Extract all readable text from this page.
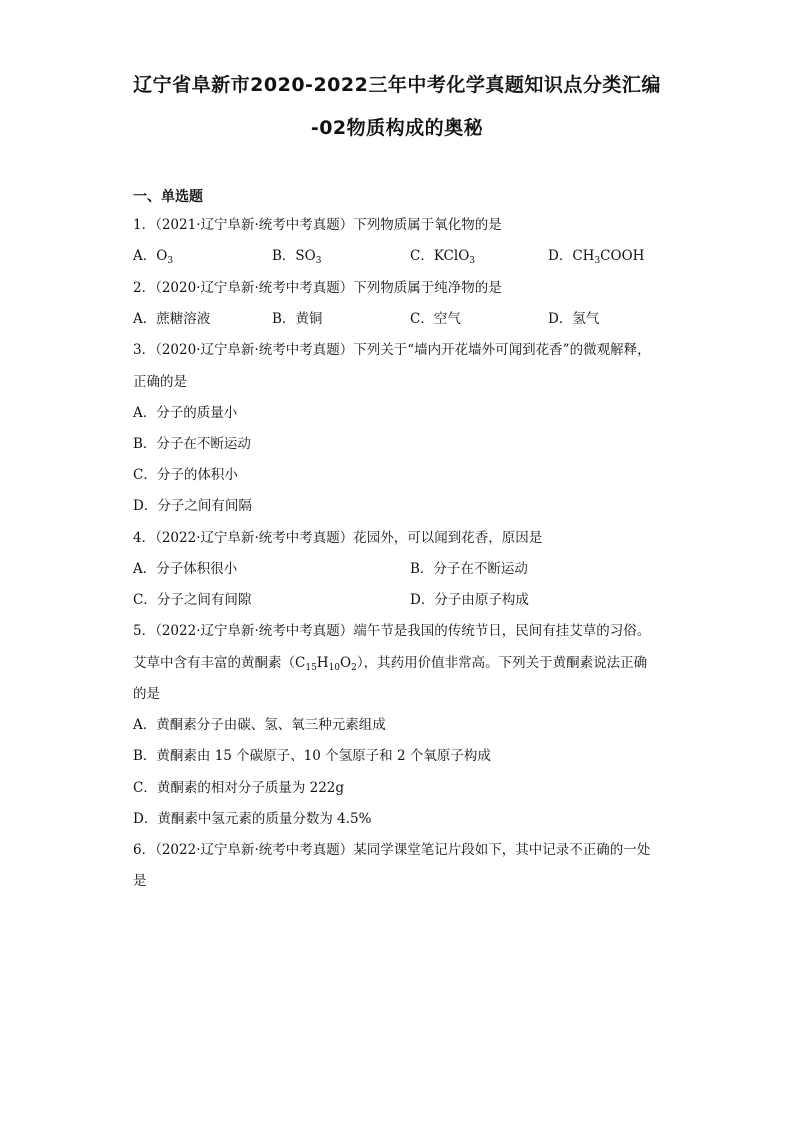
辽宁省阜新市2020-2022三年中考化学真题知识点分类汇编
-02物质构成的奥秘
一、单选题
1．（2021·辽宁阜新·统考中考真题）下列物质属于氧化物的是
A．$O_3$	B．$SO_3$	C．KClO$_3$	D．$CH_3COOH$
2．（2020·辽宁阜新·统考中考真题）下列物质属于纯净物的是
A．蔗糖溶液	B．黄铜	C．空气	D．氢气
3．（2020·辽宁阜新·统考中考真题）下列关于“墙内开花墙外可闻到花香”的微观解释，
正确的是
A．分子的质量小
B．分子在不断运动
C．分子的体积小
D．分子之间有间隔
4．（2022·辽宁阜新·统考中考真题）花园外，可以闻到花香，原因是
A．分子体积很小	B．分子在不断运动
C．分子之间有间隙	D．分子由原子构成
5．（2022·辽宁阜新·统考中考真题）端午节是我国的传统节日，民间有挂艾草的习俗。
艾草中含有丰富的黄酮素$(C_{15}H_{10}O_2)$，其药用价值非常高。下列关于黄酮素说法正确
的是
A．黄酮素分子由碳、氢、氧三种元素组成
B．黄酮素由 15 个碳原子、10 个氢原子和 2 个氧原子构成
C．黄酮素的相对分子质量为 222g
D．黄酮素中氢元素的质量分数为 4.5%
6．（2022·辽宁阜新·统考中考真题）某同学课堂笔记片段如下，其中记录不正确的一处
是
